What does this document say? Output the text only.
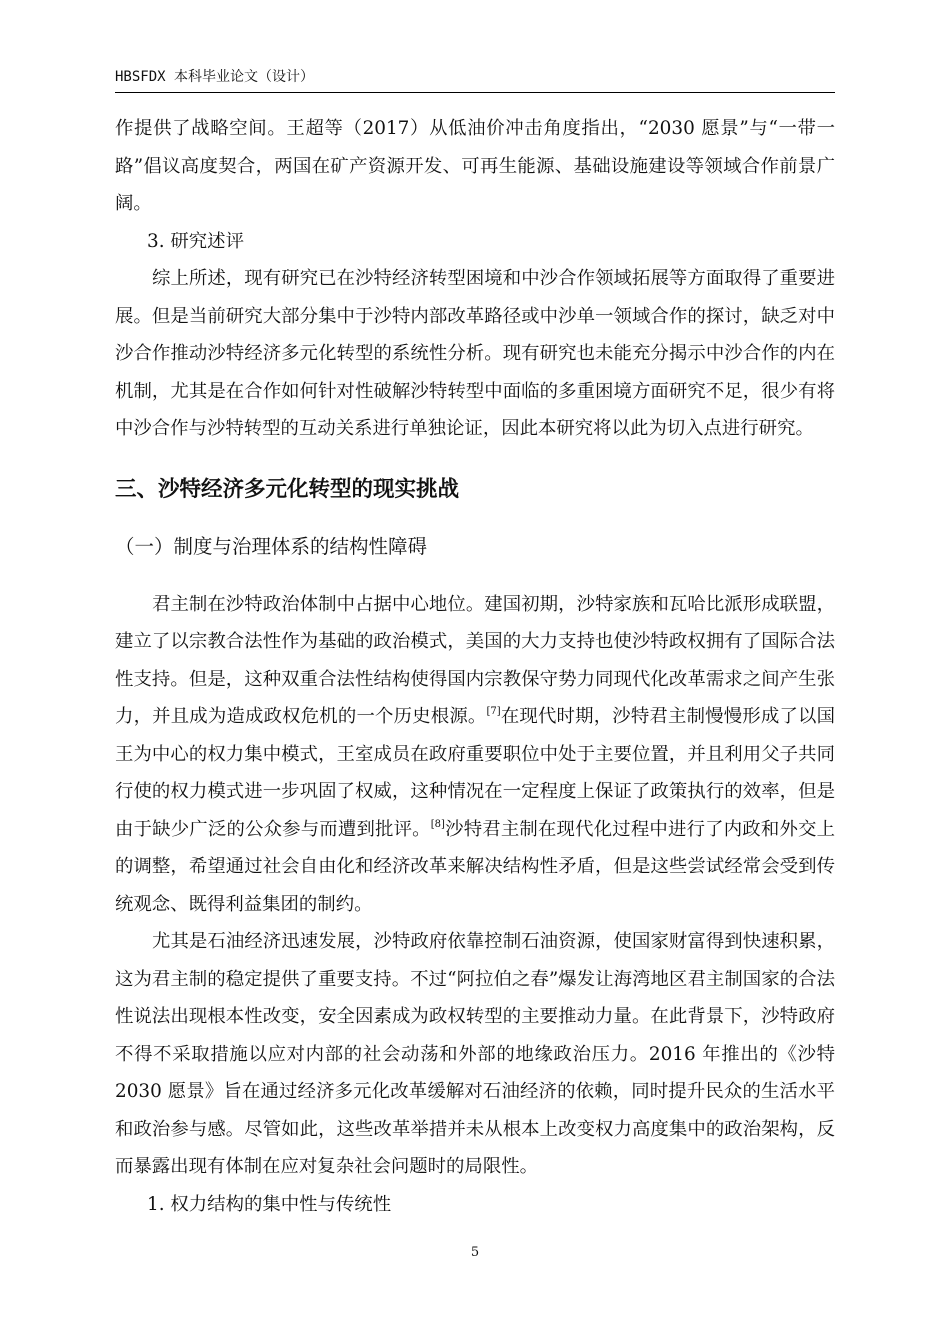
HBSFDX 本科毕业论文（设计）

作提供了战略空间。王超等（2017）从低油价冲击角度指出，“2030 愿景”与“一带一路”倡议高度契合，两国在矿产资源开发、可再生能源、基础设施建设等领域合作前景广阔。

3. 研究述评

综上所述，现有研究已在沙特经济转型困境和中沙合作领域拓展等方面取得了重要进展。但是当前研究大部分集中于沙特内部改革路径或中沙单一领域合作的探讨，缺乏对中沙合作推动沙特经济多元化转型的系统性分析。现有研究也未能充分揭示中沙合作的内在机制，尤其是在合作如何针对性破解沙特转型中面临的多重困境方面研究不足，很少有将中沙合作与沙特转型的互动关系进行单独论证，因此本研究将以此为切入点进行研究。

三、沙特经济多元化转型的现实挑战
（一）制度与治理体系的结构性障碍

君主制在沙特政治体制中占据中心地位。建国初期，沙特家族和瓦哈比派形成联盟，建立了以宗教合法性作为基础的政治模式，美国的大力支持也使沙特政权拥有了国际合法性支持。但是，这种双重合法性结构使得国内宗教保守势力同现代化改革需求之间产生张力，并且成为造成政权危机的一个历史根源。[7]在现代时期，沙特君主制慢慢形成了以国王为中心的权力集中模式，王室成员在政府重要职位中处于主要位置，并且利用父子共同行使的权力模式进一步巩固了权威，这种情况在一定程度上保证了政策执行的效率，但是由于缺少广泛的公众参与而遭到批评。[8]沙特君主制在现代化过程中进行了内政和外交上的调整，希望通过社会自由化和经济改革来解决结构性矛盾，但是这些尝试经常会受到传统观念、既得利益集团的制约。

尤其是石油经济迅速发展，沙特政府依靠控制石油资源，使国家财富得到快速积累，这为君主制的稳定提供了重要支持。不过“阿拉伯之春”爆发让海湾地区君主制国家的合法性说法出现根本性改变，安全因素成为政权转型的主要推动力量。在此背景下，沙特政府不得不采取措施以应对内部的社会动荡和外部的地缘政治压力。2016 年推出的《沙特 2030 愿景》旨在通过经济多元化改革缓解对石油经济的依赖，同时提升民众的生活水平和政治参与感。尽管如此，这些改革举措并未从根本上改变权力高度集中的政治架构，反而暴露出现有体制在应对复杂社会问题时的局限性。

1. 权力结构的集中性与传统性

5
